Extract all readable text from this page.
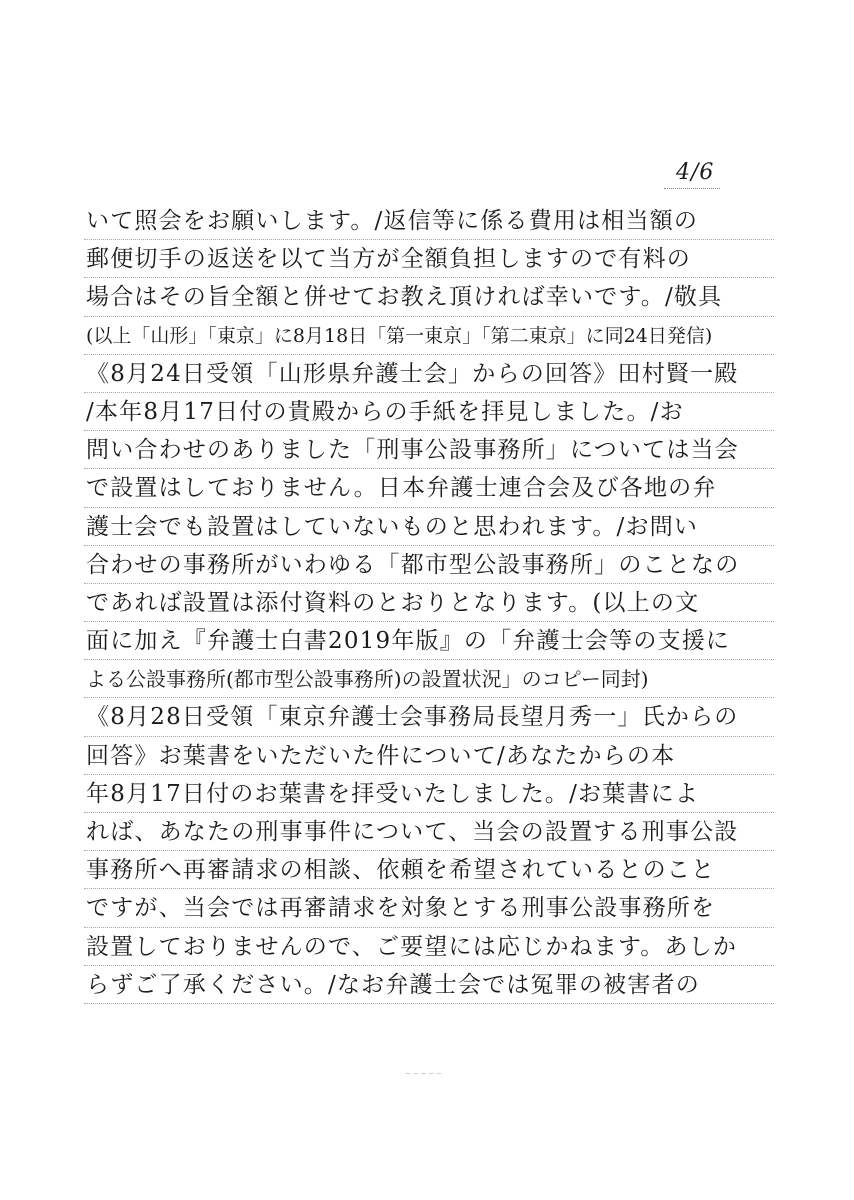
4/6
いて照会をお願いします。/返信等に係る費用は相当額の
郵便切手の返送を以て当方が全額負担しますので有料の
場合はその旨全額と併せてお教え頂ければ幸いです。/敬具
(以上「山形」「東京」に8月18日「第一東京」「第二東京」に同24日発信)
《8月24日受領「山形県弁護士会」からの回答》田村賢一殿
/本年8月17日付の貴殿からの手紙を拝見しました。/お
問い合わせのありました「刑事公設事務所」については当会
で設置はしておりません。日本弁護士連合会及び各地の弁
護士会でも設置はしていないものと思われます。/お問い
合わせの事務所がいわゆる「都市型公設事務所」のことなの
であれば設置は添付資料のとおりとなります。(以上の文
面に加え『弁護士白書2019年版』の「弁護士会等の支援に
よる公設事務所(都市型公設事務所)の設置状況」のコピー同封)
《8月28日受領「東京弁護士会事務局長望月秀一」氏からの
回答》お葉書をいただいた件について/あなたからの本
年8月17日付のお葉書を拝受いたしました。/お葉書によ
れば、あなたの刑事事件について、当会の設置する刑事公設
事務所へ再審請求の相談、依頼を希望されているとのこと
ですが、当会では再審請求を対象とする刑事公設事務所を
設置しておりませんので、ご要望には応じかねます。あしか
らずご了承ください。/なお弁護士会では冤罪の被害者の
~~~~~
